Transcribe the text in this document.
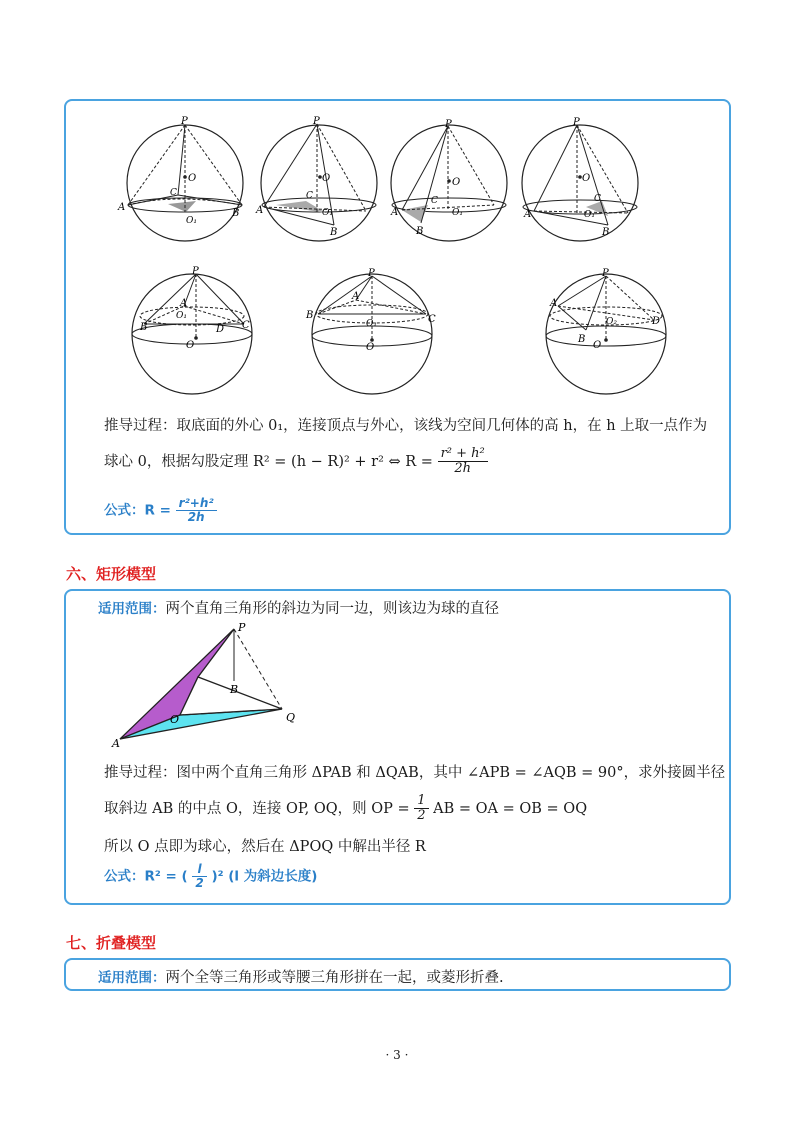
P
O
C
A
B
O₁
P
O
C
A
B
O₁
P
O
C
A
B
O₁
P
O
C
A
B
O₁
P
A
O₁
B	D C
O
P
A
B	C
O₁
O
P
A
O₂	D
B
O
推导过程：取底面的外心 0₁，连接顶点与外心，该线为空间几何体的高 h，在 h 上取一点作为
球心 0，根据勾股定理 R² = (h − R)² + r² ⇔ $R = \frac{\text{r² + h²}}{2h}$
公式：$R = \frac{\text{r²+h²}}{2h}$
六、矩形模型
适用范围：两个直角三角形的斜边为同一边，则该边为球的直径
P
B
O	Q
A
推导过程：图中两个直角三角形 ΔPAB 和 ΔQAB，其中 ∠APB = ∠AQB = 90°，求外接圆半径
取斜边 AB 的中点 O，连接 OP, OQ，则 OP = $\frac{1}{2}$ AB = OA = OB = OQ
所以 O 点即为球心，然后在 ΔPOQ 中解出半径 R
公式：R² = ( $\frac{l}{2} )^2$ (l 为斜边长度)
七、折叠模型
适用范围：两个全等三角形或等腰三角形拼在一起，或菱形折叠.
· 3 ·
